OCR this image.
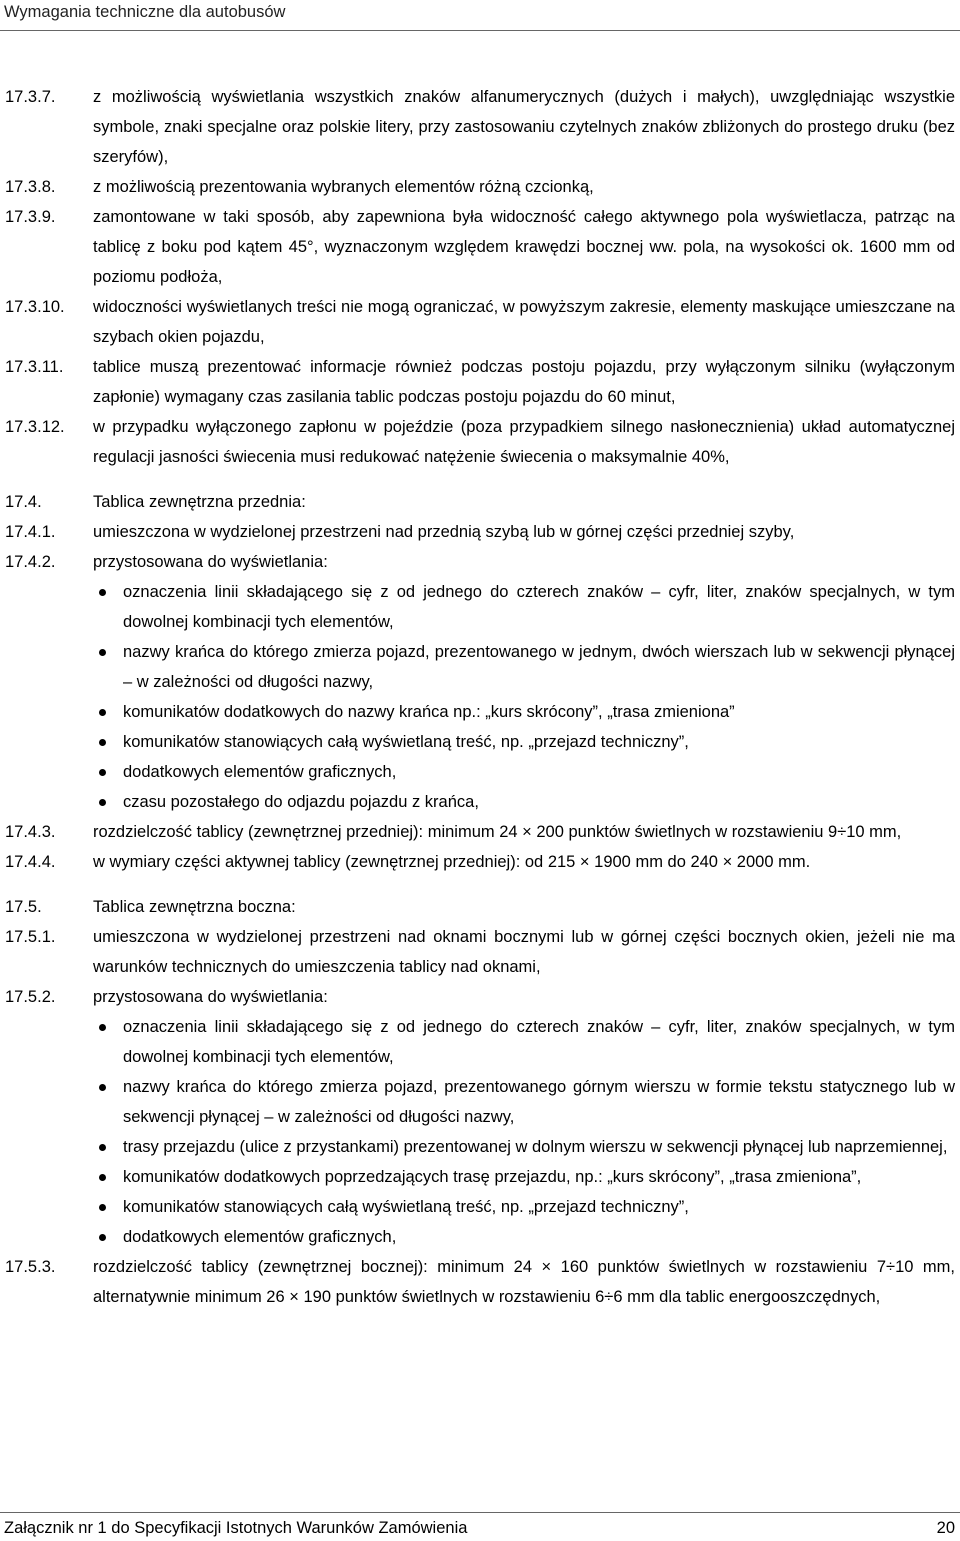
Wymagania techniczne dla autobusów
17.3.7. z możliwością wyświetlania wszystkich znaków alfanumerycznych (dużych i małych), uwzględniając wszystkie symbole, znaki specjalne oraz polskie litery, przy zastosowaniu czytelnych znaków zbliżonych do prostego druku (bez szeryfów),
17.3.8. z możliwością prezentowania wybranych elementów różną czcionką,
17.3.9. zamontowane w taki sposób, aby zapewniona była widoczność całego aktywnego pola wyświetlacza, patrząc na tablicę z boku pod kątem 45°, wyznaczonym względem krawędzi bocznej ww. pola, na wysokości ok. 1600 mm od poziomu podłoża,
17.3.10. widoczności wyświetlanych treści nie mogą ograniczać, w powyższym zakresie, elementy maskujące umieszczane na szybach okien pojazdu,
17.3.11. tablice muszą prezentować informacje również podczas postoju pojazdu, przy wyłączonym silniku (wyłączonym zapłonie) wymagany czas zasilania tablic podczas postoju pojazdu do 60 minut,
17.3.12. w przypadku wyłączonego zapłonu w pojeździe (poza przypadkiem silnego nasłonecznienia) układ automatycznej regulacji jasności świecenia musi redukować natężenie świecenia o maksymalnie 40%,
17.4.	Tablica zewnętrzna przednia:
17.4.1. umieszczona w wydzielonej przestrzeni nad przednią szybą lub w górnej części przedniej szyby,
17.4.2. przystosowana do wyświetlania:
oznaczenia linii składającego się z od jednego do czterech znaków – cyfr, liter, znaków specjalnych, w tym dowolnej kombinacji tych elementów,
nazwy krańca do którego zmierza pojazd, prezentowanego w jednym, dwóch wierszach lub w sekwencji płynącej – w zależności od długości nazwy,
komunikatów dodatkowych do nazwy krańca np.: „kurs skrócony”, „trasa zmieniona”
komunikatów stanowiących całą wyświetlaną treść, np. „przejazd techniczny”,
dodatkowych elementów graficznych,
czasu pozostałego do odjazdu pojazdu z krańca,
17.4.3. rozdzielczość tablicy (zewnętrznej przedniej): minimum 24 × 200 punktów świetlnych w rozstawieniu 9÷10 mm,
17.4.4. w wymiary części aktywnej tablicy (zewnętrznej przedniej): od 215 × 1900 mm do 240 × 2000 mm.
17.5.	Tablica zewnętrzna boczna:
17.5.1. umieszczona w wydzielonej przestrzeni nad oknami bocznymi lub w górnej części bocznych okien, jeżeli nie ma warunków technicznych do umieszczenia tablicy nad oknami,
17.5.2. przystosowana do wyświetlania:
oznaczenia linii składającego się z od jednego do czterech znaków – cyfr, liter, znaków specjalnych, w tym dowolnej kombinacji tych elementów,
nazwy krańca do którego zmierza pojazd, prezentowanego górnym wierszu w formie tekstu statycznego lub w sekwencji płynącej – w zależności od długości nazwy,
trasy przejazdu (ulice z przystankami) prezentowanej w dolnym wierszu w sekwencji płynącej lub naprzemiennej,
komunikatów dodatkowych poprzedzających trasę przejazdu, np.: „kurs skrócony”, „trasa zmieniona”,
komunikatów stanowiących całą wyświetlaną treść, np. „przejazd techniczny”,
dodatkowych elementów graficznych,
17.5.3. rozdzielczość tablicy (zewnętrznej bocznej): minimum 24 × 160 punktów świetlnych w rozstawieniu 7÷10 mm, alternatywnie minimum 26 × 190 punktów świetlnych w rozstawieniu 6÷6 mm dla tablic energooszczędnych,
Załącznik nr 1 do Specyfikacji Istotnych Warunków Zamówienia	20
